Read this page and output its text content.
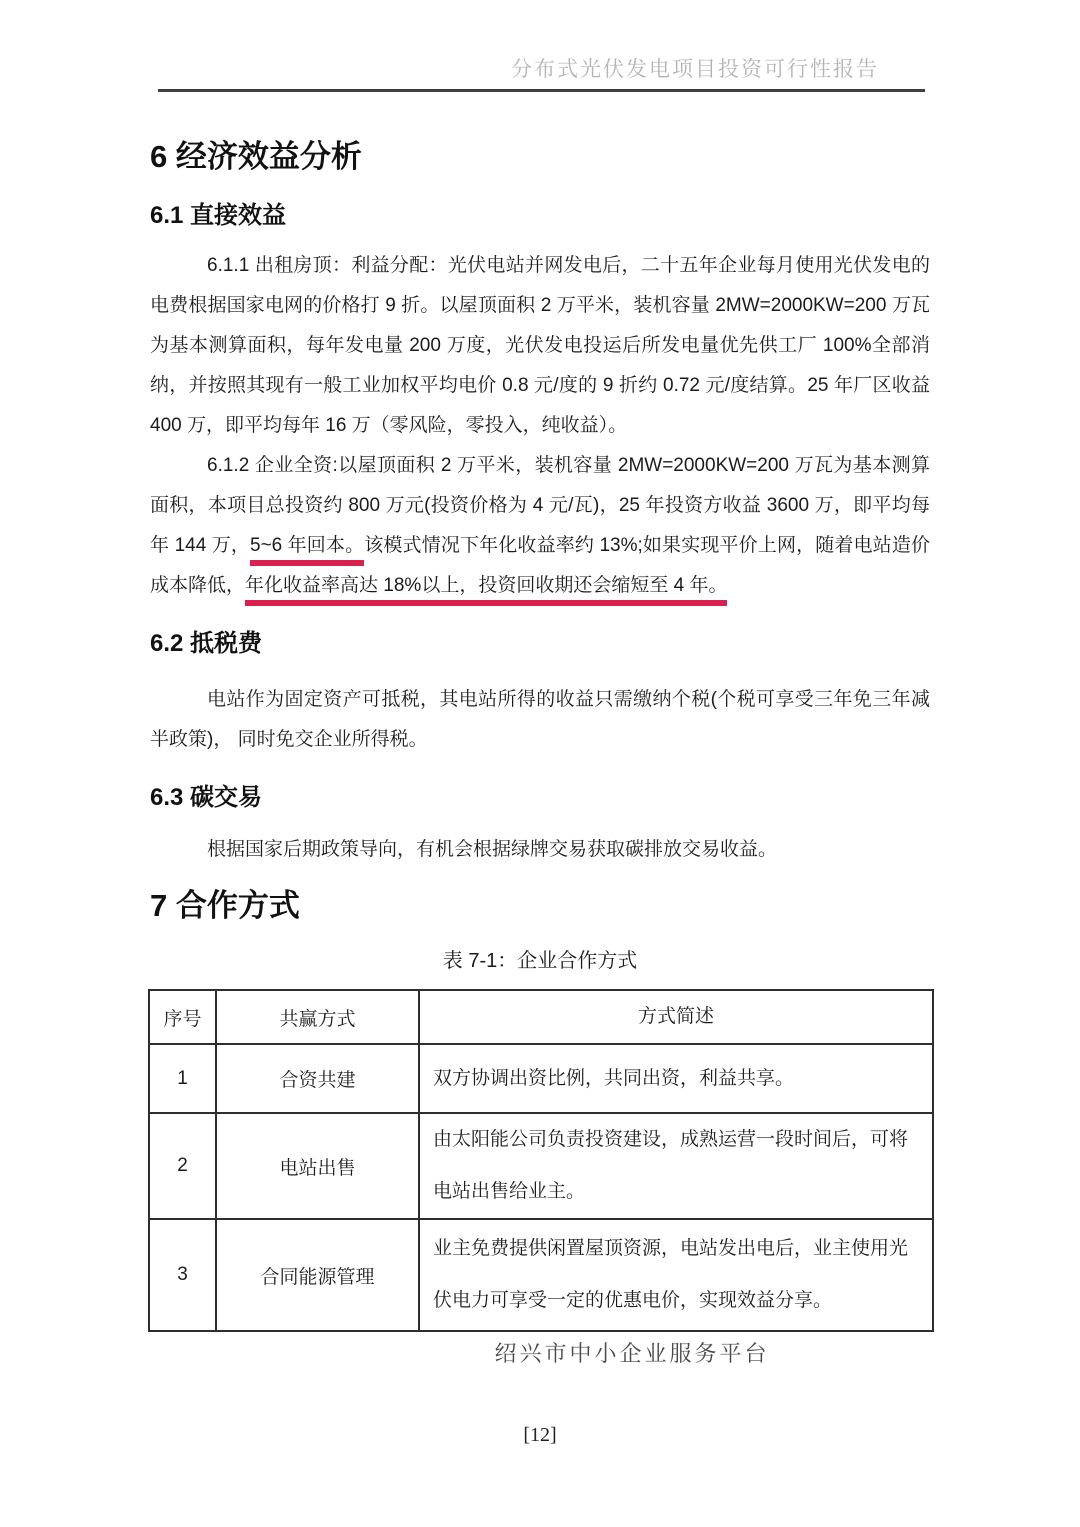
分布式光伏发电项目投资可行性报告
6 经济效益分析
6.1 直接效益

6.1.1 出租房顶：利益分配：光伏电站并网发电后，二十五年企业每月使用光伏发电的电费根据国家电网的价格打 9 折。以屋顶面积 2 万平米，装机容量 2MW=2000KW=200 万瓦为基本测算面积，每年发电量 200 万度，光伏发电投运后所发电量优先供工厂 100%全部消纳，并按照其现有一般工业加权平均电价 0.8 元/度的 9 折约 0.72 元/度结算。25 年厂区收益 400 万，即平均每年 16 万（零风险，零投入，纯收益）。

6.1.2 企业全资:以屋顶面积 2 万平米，装机容量 2MW=2000KW=200 万瓦为基本测算面积，本项目总投资约 800 万元(投资价格为 4 元/瓦)，25 年投资方收益 3600 万，即平均每年 144 万，5~6 年回本。该模式情况下年化收益率约 13%;如果实现平价上网，随着电站造价成本降低，年化收益率高达 18%以上，投资回收期还会缩短至 4 年。

6.2 抵税费

电站作为固定资产可抵税，其电站所得的收益只需缴纳个税(个税可享受三年免三年减半政策)， 同时免交企业所得税。

6.3 碳交易

根据国家后期政策导向，有机会根据绿牌交易获取碳排放交易收益。

7 合作方式
表 7-1：企业合作方式
序号	共赢方式	方式简述
1	合资共建	双方协调出资比例，共同出资，利益共享。
2	电站出售	由太阳能公司负责投资建设，成熟运营一段时间后，可将电站出售给业主。
3	合同能源管理	业主免费提供闲置屋顶资源，电站发出电后，业主使用光伏电力可享受一定的优惠电价，实现效益分享。
绍兴市中小企业服务平台
[12]
